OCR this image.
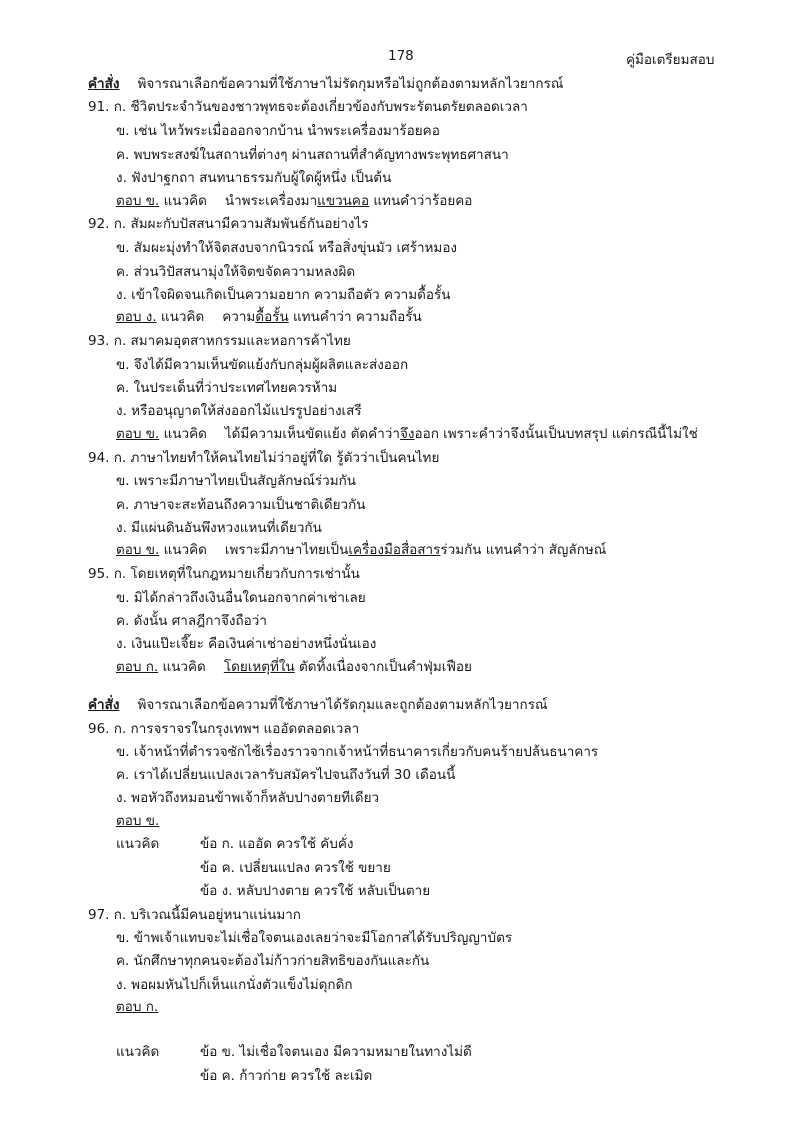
178	คู่มือเตรียมสอบ
คำสั่ง พิจารณาเลือกข้อความที่ใช้ภาษาไม่รัดกุมหรือไม่ถูกต้องตามหลักไวยากรณ์
91. ก. ชีวิตประจำวันของชาวพุทธจะต้องเกี่ยวข้องกับพระรัตนตรัยตลอดเวลา
ข. เช่น ไหว้พระเมื่อออกจากบ้าน นำพระเครื่องมาร้อยคอ
ค. พบพระสงฆ์ในสถานที่ต่างๆ ผ่านสถานที่สำคัญทางพระพุทธศาสนา
ง. ฟังปาฐกถา สนทนาธรรมกับผู้ใดผู้หนึ่ง เป็นต้น
ตอบ ข. แนวคิด นำพระเครื่องมาแขวนคอ แทนคำว่าร้อยคอ
92. ก. สัมผะกับปัสสนามีความสัมพันธ์กันอย่างไร
ข. สัมผะมุ่งทำให้จิตสงบจากนิวรณ์ หรือสิ่งขุ่นมัว เศร้าหมอง
ค. ส่วนวิปัสสนามุ่งให้จิตขจัดความหลงผิด
ง. เข้าใจผิดจนเกิดเป็นความอยาก ความถือตัว ความดื้อรั้น
ตอบ ง. แนวคิด ความดื้อรั้น แทนคำว่า ความถือรั้น
93. ก. สมาคมอุตสาหกรรมและหอการค้าไทย
ข. จึงได้มีความเห็นขัดแย้งกับกลุ่มผู้ผลิตและส่งออก
ค. ในประเด็นที่ว่าประเทศไทยควรห้าม
ง. หรืออนุญาตให้ส่งออกไม้แปรรูปอย่างเสรี
ตอบ ข. แนวคิด ได้มีความเห็นขัดแย้ง ตัดคำว่าจึงออก เพราะคำว่าจึงนั้นเป็นบทสรุป แต่กรณีนี้ไม่ใช่
94. ก. ภาษาไทยทำให้คนไทยไม่ว่าอยู่ที่ใด รู้ตัวว่าเป็นคนไทย
ข. เพราะมีภาษาไทยเป็นสัญลักษณ์ร่วมกัน
ค. ภาษาจะสะท้อนถึงความเป็นชาติเดียวกัน
ง. มีแผ่นดินอันพึงหวงแหนที่เดียวกัน
ตอบ ข. แนวคิด เพราะมีภาษาไทยเป็นเครื่องมือสื่อสารร่วมกัน แทนคำว่า สัญลักษณ์
95. ก. โดยเหตุที่ในกฎหมายเกี่ยวกับการเช่านั้น
ข. มิได้กล่าวถึงเงินอื่นใดนอกจากค่าเช่าเลย
ค. ดังนั้น ศาลฎีกาจึงถือว่า
ง. เงินแป๊ะเจี๊ยะ คือเงินค่าเช่าอย่างหนึ่งนั่นเอง
ตอบ ก. แนวคิด โดยเหตุที่ใน ตัดทิ้งเนื่องจากเป็นคำฟุ่มเฟือย
คำสั่ง พิจารณาเลือกข้อความที่ใช้ภาษาได้รัดกุมและถูกต้องตามหลักไวยากรณ์
96. ก. การจราจรในกรุงเทพฯ แออัดตลอดเวลา
ข. เจ้าหน้าที่ตำรวจซักไซ้เรื่องราวจากเจ้าหน้าที่ธนาคารเกี่ยวกับคนร้ายปล้นธนาคาร
ค. เราได้เปลี่ยนแปลงเวลารับสมัครไปจนถึงวันที่ 30 เดือนนี้
ง. พอหัวถึงหมอนข้าพเจ้าก็หลับปางตายทีเดียว
ตอบ ข.
แนวคิด	ข้อ ก. แออัด ควรใช้ คับคั่ง
ข้อ ค. เปลี่ยนแปลง ควรใช้ ขยาย
ข้อ ง. หลับปางตาย ควรใช้ หลับเป็นตาย
97. ก. บริเวณนี้มีคนอยู่หนาแน่นมาก
ข. ข้าพเจ้าแทบจะไม่เชื่อใจตนเองเลยว่าจะมีโอกาสได้รับปริญญาบัตร
ค. นักศึกษาทุกคนจะต้องไม่ก้าวก่ายสิทธิของกันและกัน
ง. พอผมหันไปก็เห็นแกนั่งตัวแข็งไม่ดุกดิก
ตอบ ก.
แนวคิด	ข้อ ข. ไม่เชื่อใจตนเอง มีความหมายในทางไม่ดี
ข้อ ค. ก้าวก่าย ควรใช้ ละเมิด
